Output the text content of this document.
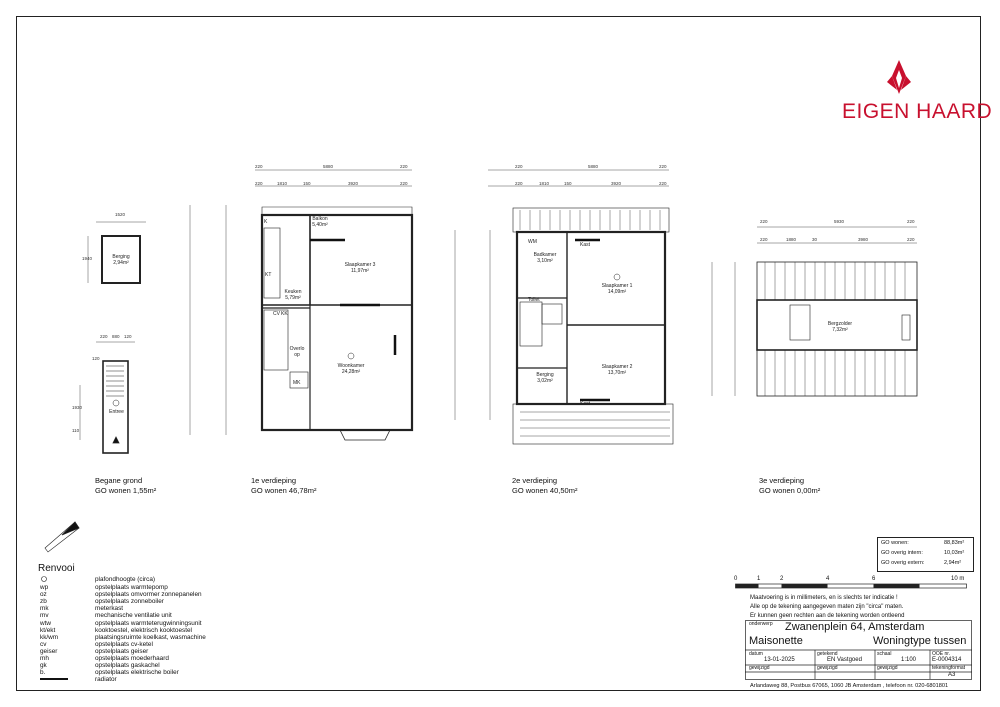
EIGEN HAARD
Berging
2,94m²
Entree
Balkon
5,40m²
Slaapkamer 3
11,97m²
Keuken
5,79m²
Woonkamer
24,28m²
Overloop
K
KT
CV KK
MK
Badkamer
3,10m²
Slaapkamer 1
14,09m²
Berging
3,02m²
Slaapkamer 2
13,70m²
Toilet
Kast
Kast
WM
Bergzolder
7,32m²
1520
1940
220 880 120
1930
110
120
220	5880	220
220	1810	150	3920	220
220	5880	220
220	1810	150	3920	220
220	5930	220
220	1880	30	3980	220
Begane grond
GO wonen 1,55m²
1e verdieping
GO wonen 46,78m²
2e verdieping
GO wonen 40,50m²
3e verdieping
GO wonen 0,00m²
Renvooi
plafondhoogte (circa)
wp	opstelplaats warmtepomp
oz	opstelplaats omvormer zonnepanelen
zb	opstelplaats zonneboiler
mk	meterkast
mv	mechanische ventilatie unit
wtw	opstelplaats warmteterugwinningsunit
kt/ekt	kooktoestel, elektrisch kooktoestel
kk/wm	plaatsingsruimte koelkast, wasmachine
cv	opstelplaats cv-ketel
geiser	opstelplaats geiser
mh	opstelplaats moederhaard
gk	opstelplaats gaskachel
b.	opstelplaats elektrische boiler
radiator
GO wonen:	88,83m²
GO overig intern:	10,03m²
GO overig extern:	2,94m²
0	1	2	4	6	10 m
Maatvoering is in millimeters, en is slechts ter indicatie !
Alle op de tekening aangegeven maten zijn "circa" maten.
Er kunnen geen rechten aan de tekening worden ontleend
onderwerp Zwanenplein 64, Amsterdam
Maisonette	Woningtype tussen
datum
13-01-2025
getekend
EN Vastgoed
schaal
1:100
OOE nr.
E-0004314
gewijzigd	gewijzigd	gewijzigd	tekeningformat
A3
Arlandaweg 88, Postbus 67065, 1060 JB Amsterdam , telefoon nr. 020-6801801
